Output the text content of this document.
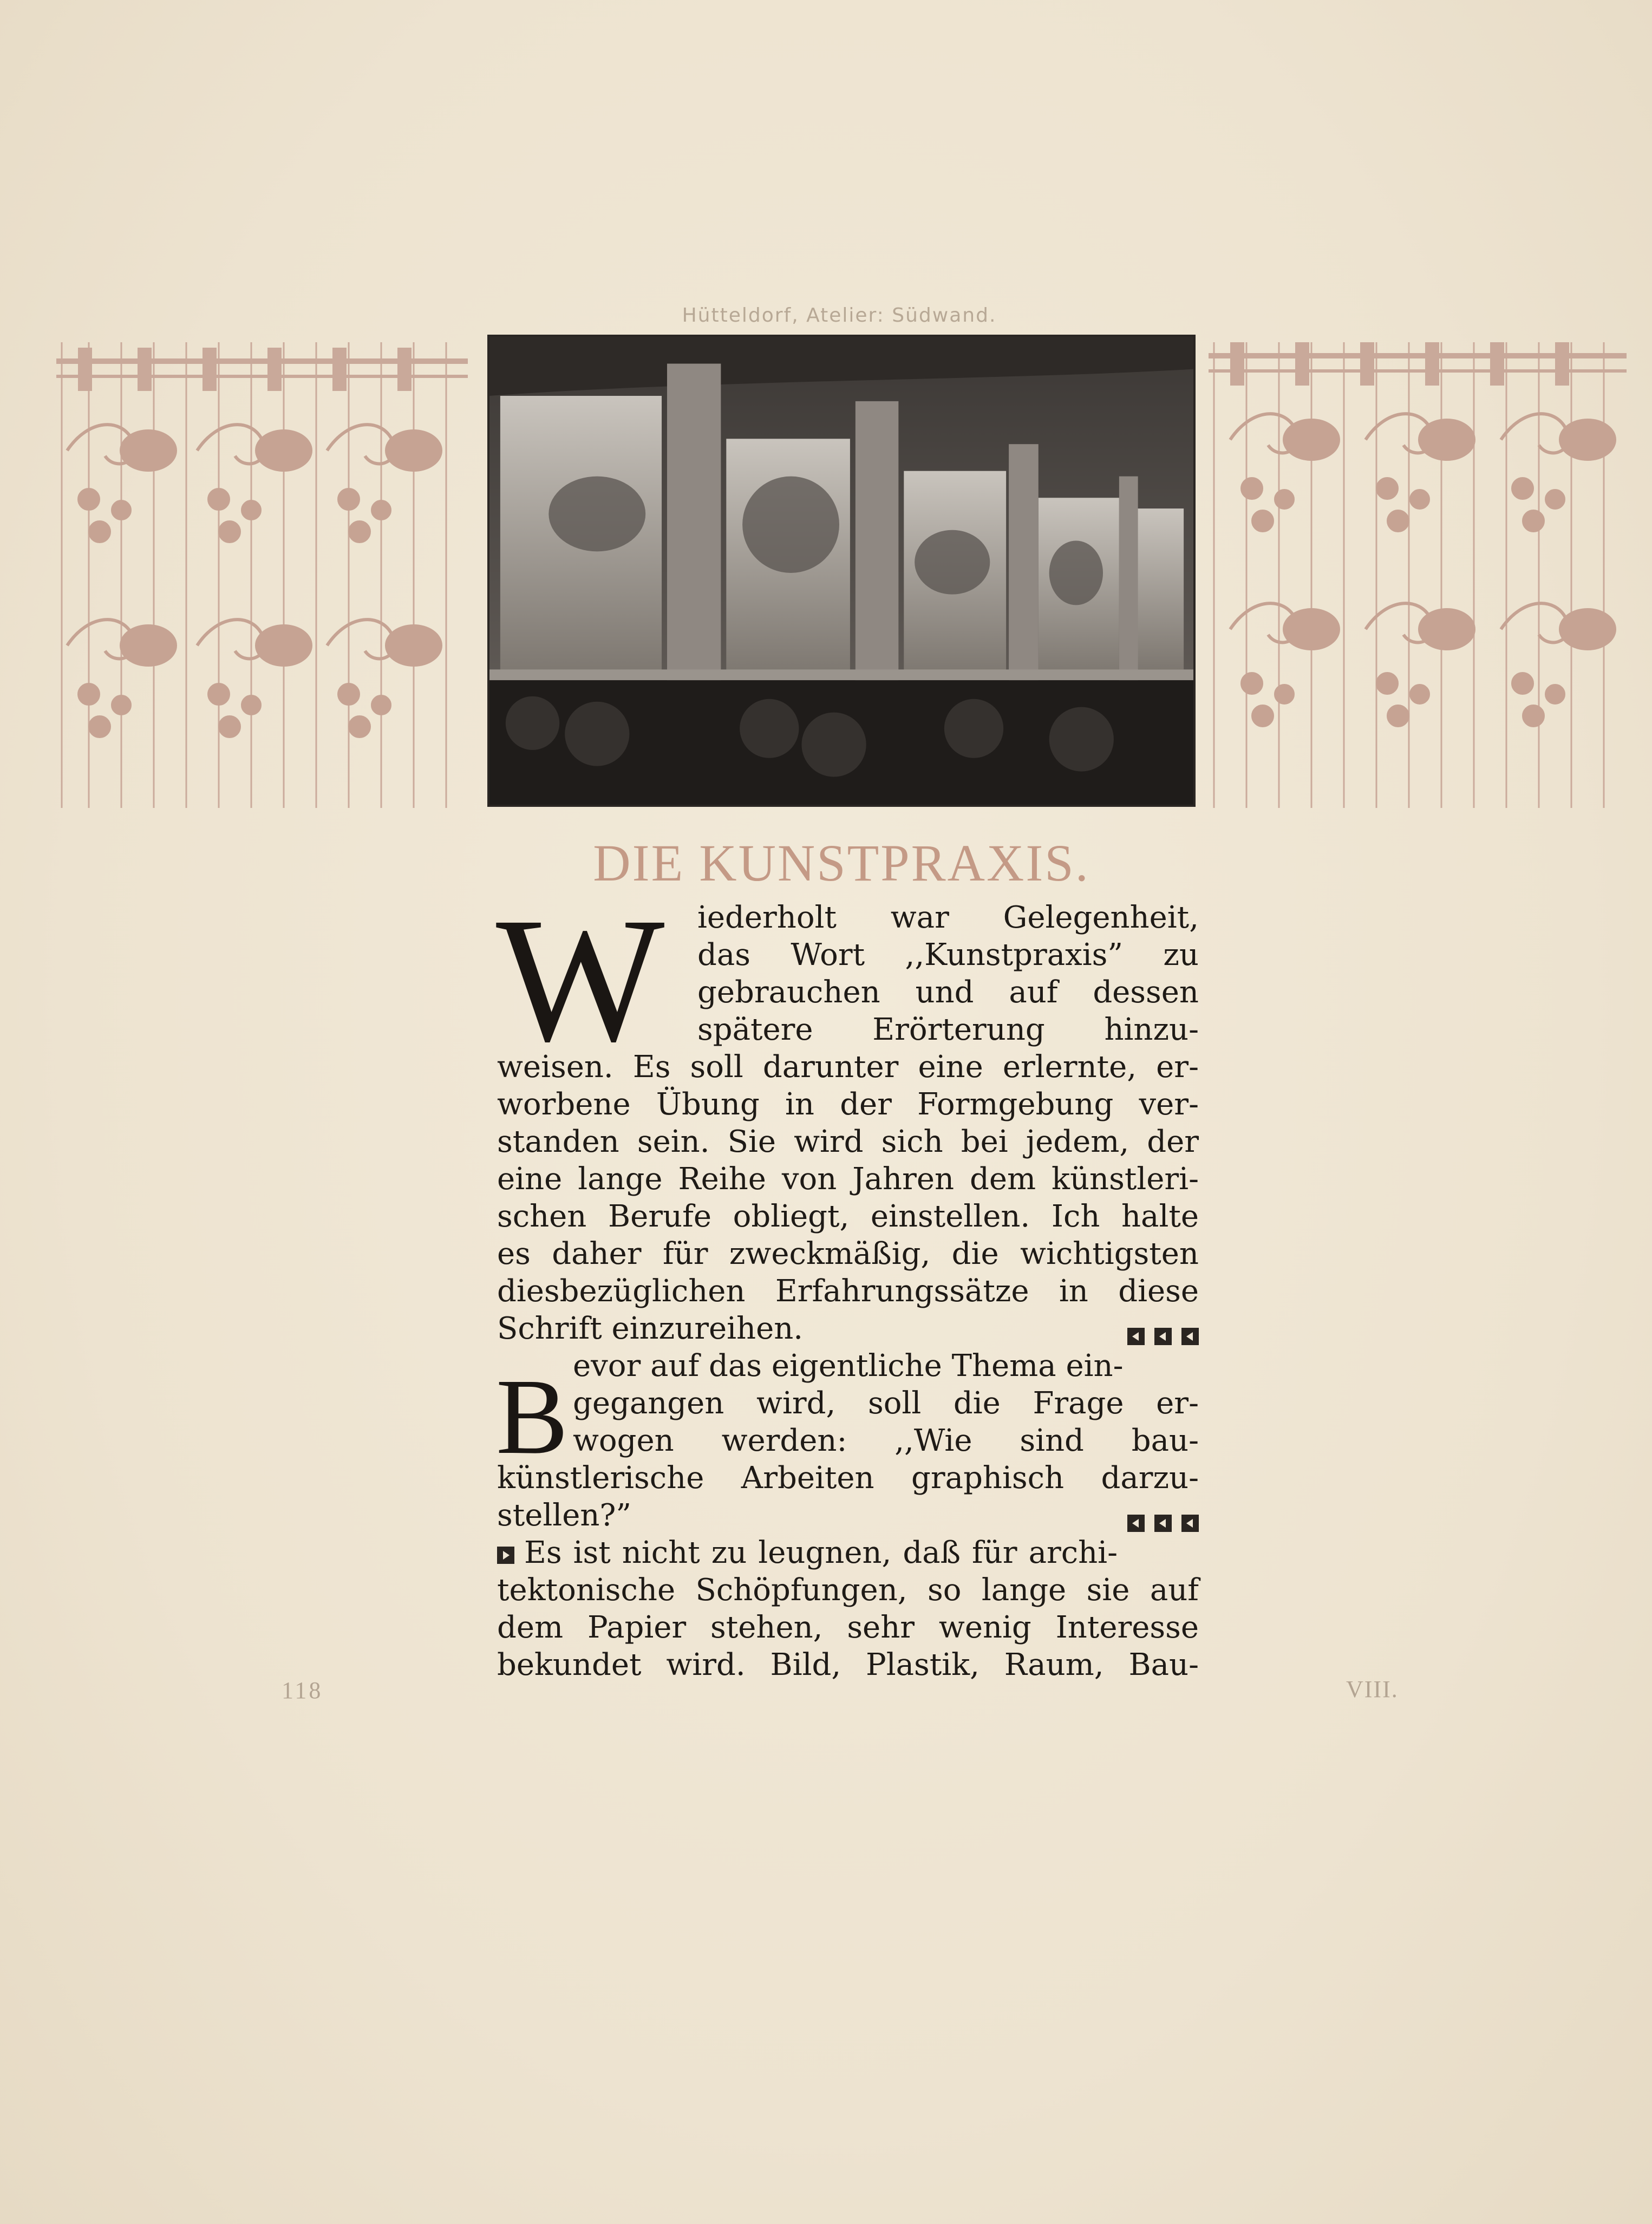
Hütteldorf, Atelier: Südwand.
DIE KUNSTPRAXIS.
W
B
iederholt war Gelegenheit,
das Wort ,,Kunstpraxis” zu
gebrauchen und auf dessen
spätere Erörterung hinzu-
weisen. Es soll darunter eine erlernte, er-
worbene Übung in der Formgebung ver-
standen sein. Sie wird sich bei jedem, der
eine lange Reihe von Jahren dem künstleri-
schen Berufe obliegt, einstellen. Ich halte
es daher für zweckmäßig, die wichtigsten
diesbezüglichen Erfahrungssätze in diese
Schrift einzureihen.
evor auf das eigentliche Thema ein-
gegangen wird, soll die Frage er-
wogen werden: ,,Wie sind bau-
künstlerische Arbeiten graphisch darzu-
stellen?”
Es ist nicht zu leugnen, daß für archi-
tektonische Schöpfungen, so lange sie auf
dem Papier stehen, sehr wenig Interesse
bekundet wird. Bild, Plastik, Raum, Bau-
118	VIII.
